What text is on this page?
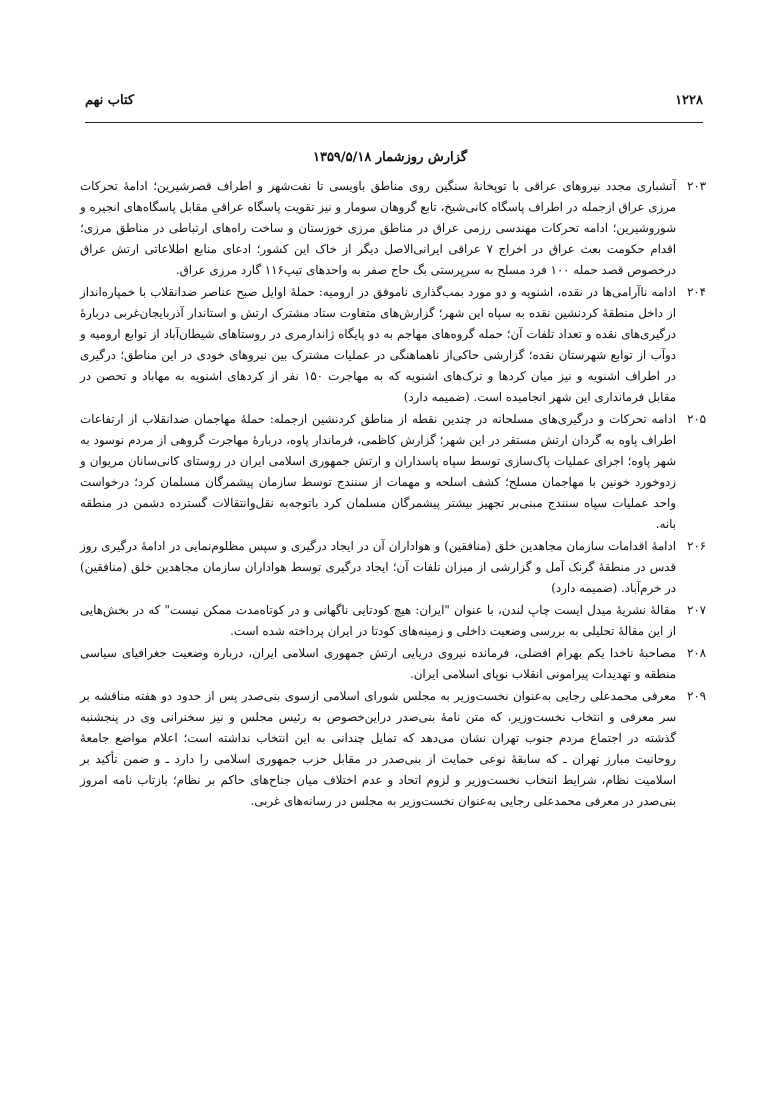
۱۲۲۸
کتاب نهم
گزارش روزشمار ۱۳۵۹/۵/۱۸
۲۰۳
آتشباری مجدد نیروهای عراقی با توپخانهٔ سنگین روی مناطق باویسی تا نفت‌شهر و اطراف قصرشیرین؛ ادامهٔ تحرکات مرزی عراق ازجمله در اطراف پاسگاه کانی‌شیخ، تابع گروهان سومار و نیز تقویت پاسگاه عراقیِ مقابل پاسگاه‌های انجیره و شوروشیرین؛ ادامه تحرکات مهندسی رزمی عراق در مناطق مرزی خوزستان و ساخت راه‌های ارتباطی در مناطق مرزی؛ اقدام حکومت بعث عراق در اخراج ۷ عراقی ایرانی‌الاصل دیگر از خاک این کشور؛ ادعای منابع اطلاعاتی ارتش عراق درخصوص قصد حمله ۱۰۰ فرد مسلح به سرپرستی بگ حاج صفر به واحدهای تیپ۱۱۶ گارد مرزی عراق.
۲۰۴
ادامه ناآرامی‌ها در نقده، اشنویه و دو مورد بمب‌گذاری ناموفق در ارومیه: حملهٔ اوایل صبح عناصر ضدانقلاب با خمپاره‌انداز از داخل منطقهٔ کردنشین نقده به سپاه این شهر؛ گزارش‌های متفاوت ستاد مشترک ارتش و استاندار آذربایجان‌غربی دربارهٔ درگیری‌های نقده و تعداد تلفات آن؛ حمله گروه‌های مهاجم به دو پایگاه ژاندارمری در روستاهای شیطان‌آباد از توابع ارومیه و دوآب از توابع شهرستان نقده؛ گزارشی حاکی‌از ناهماهنگی در عملیات مشترک بین نیروهای خودی در این مناطق؛ درگیری در اطراف اشنویه و نیز میان کردها و ترک‌های اشنویه که به مهاجرت ۱۵۰ نفر از کردهای اشنویه به مهاباد و تحصن در مقابل فرمانداری این شهر انجامیده است. (ضمیمه دارد)
۲۰۵
ادامه تحرکات و درگیری‌های مسلحانه در چندین نقطه از مناطق کردنشین ازجمله: حملهٔ مهاجمان ضدانقلاب از ارتفاعات اطراف پاوه به گردان ارتش مستقر در این شهر؛ گزارش کاظمی، فرماندار پاوه، دربارهٔ مهاجرت گروهی از مردم نوسود به شهر پاوه؛ اجرای عملیات پاک‌سازی توسط سپاه پاسداران و ارتش جمهوری اسلامی ایران در روستای کانی‌سانان مریوان و زدوخورد خونین با مهاجمان مسلح؛ کشف اسلحه و مهمات از سنندج توسط سازمان پیشمرگان مسلمان کرد؛ درخواست واحد عملیات سپاه سنندج مبنی‌بر تجهیز بیشتر پیشمرگان مسلمان کرد باتوجه‌به نقل‌وانتقالات گسترده دشمن در منطقه بانه.
۲۰۶
ادامهٔ اقدامات سازمان مجاهدین خلق (منافقین) و هواداران آن در ایجاد درگیری و سپس مظلوم‌نمایی در ادامهٔ درگیری روز قدس در منطقهٔ گرنک آمل و گزارشی از میزان تلفات آن؛ ایجاد درگیری توسط هواداران سازمان مجاهدین خلق (منافقین) در خرم‌آباد. (ضمیمه دارد)
۲۰۷
مقالهٔ نشریهٔ میدل ایست چاپ لندن، با عنوان "ایران: هیچ کودتایی ناگهانی و در کوتاه‌مدت ممکن نیست" که در بخش‌هایی از این مقالهٔ تحلیلی به بررسی وضعیت داخلی و زمینه‌های کودتا در ایران پرداخته شده است.
۲۰۸
مصاحبهٔ ناخدا یکم بهرام افضلی، فرمانده نیروی دریایی ارتش جمهوری اسلامی ایران، درباره وضعیت جغرافیای سیاسی منطقه و تهدیدات پیرامونی انقلاب نوپای اسلامی ایران.
۲۰۹
معرفی محمدعلی رجایی به‌عنوان نخست‌وزیر به مجلس شورای اسلامی ازسوی بنی‌صدر پس از حدود دو هفته مناقشه بر سر معرفی و انتخاب نخست‌وزیر، که متن نامهٔ بنی‌صدر دراین‌خصوص به رئیس مجلس و نیز سخنرانی وی در پنجشنبه گذشته در اجتماع مردم جنوب تهران نشان می‌دهد که تمایل چندانی به این انتخاب نداشته است؛ اعلام مواضع جامعهٔ روحانیت مبارز تهران ـ که سابقهٔ نوعی حمایت از بنی‌صدر در مقابل حزب جمهوری اسلامی را دارد ـ و ضمن تأکید بر اسلامیت نظام، شرایط انتخاب نخست‌وزیر و لزوم اتحاد و عدم اختلاف میان جناح‌های حاکم بر نظام؛ بازتاب نامه امروز بنی‌صدر در معرفی محمدعلی رجایی به‌عنوان نخست‌وزیر به مجلس در رسانه‌های غربی.
